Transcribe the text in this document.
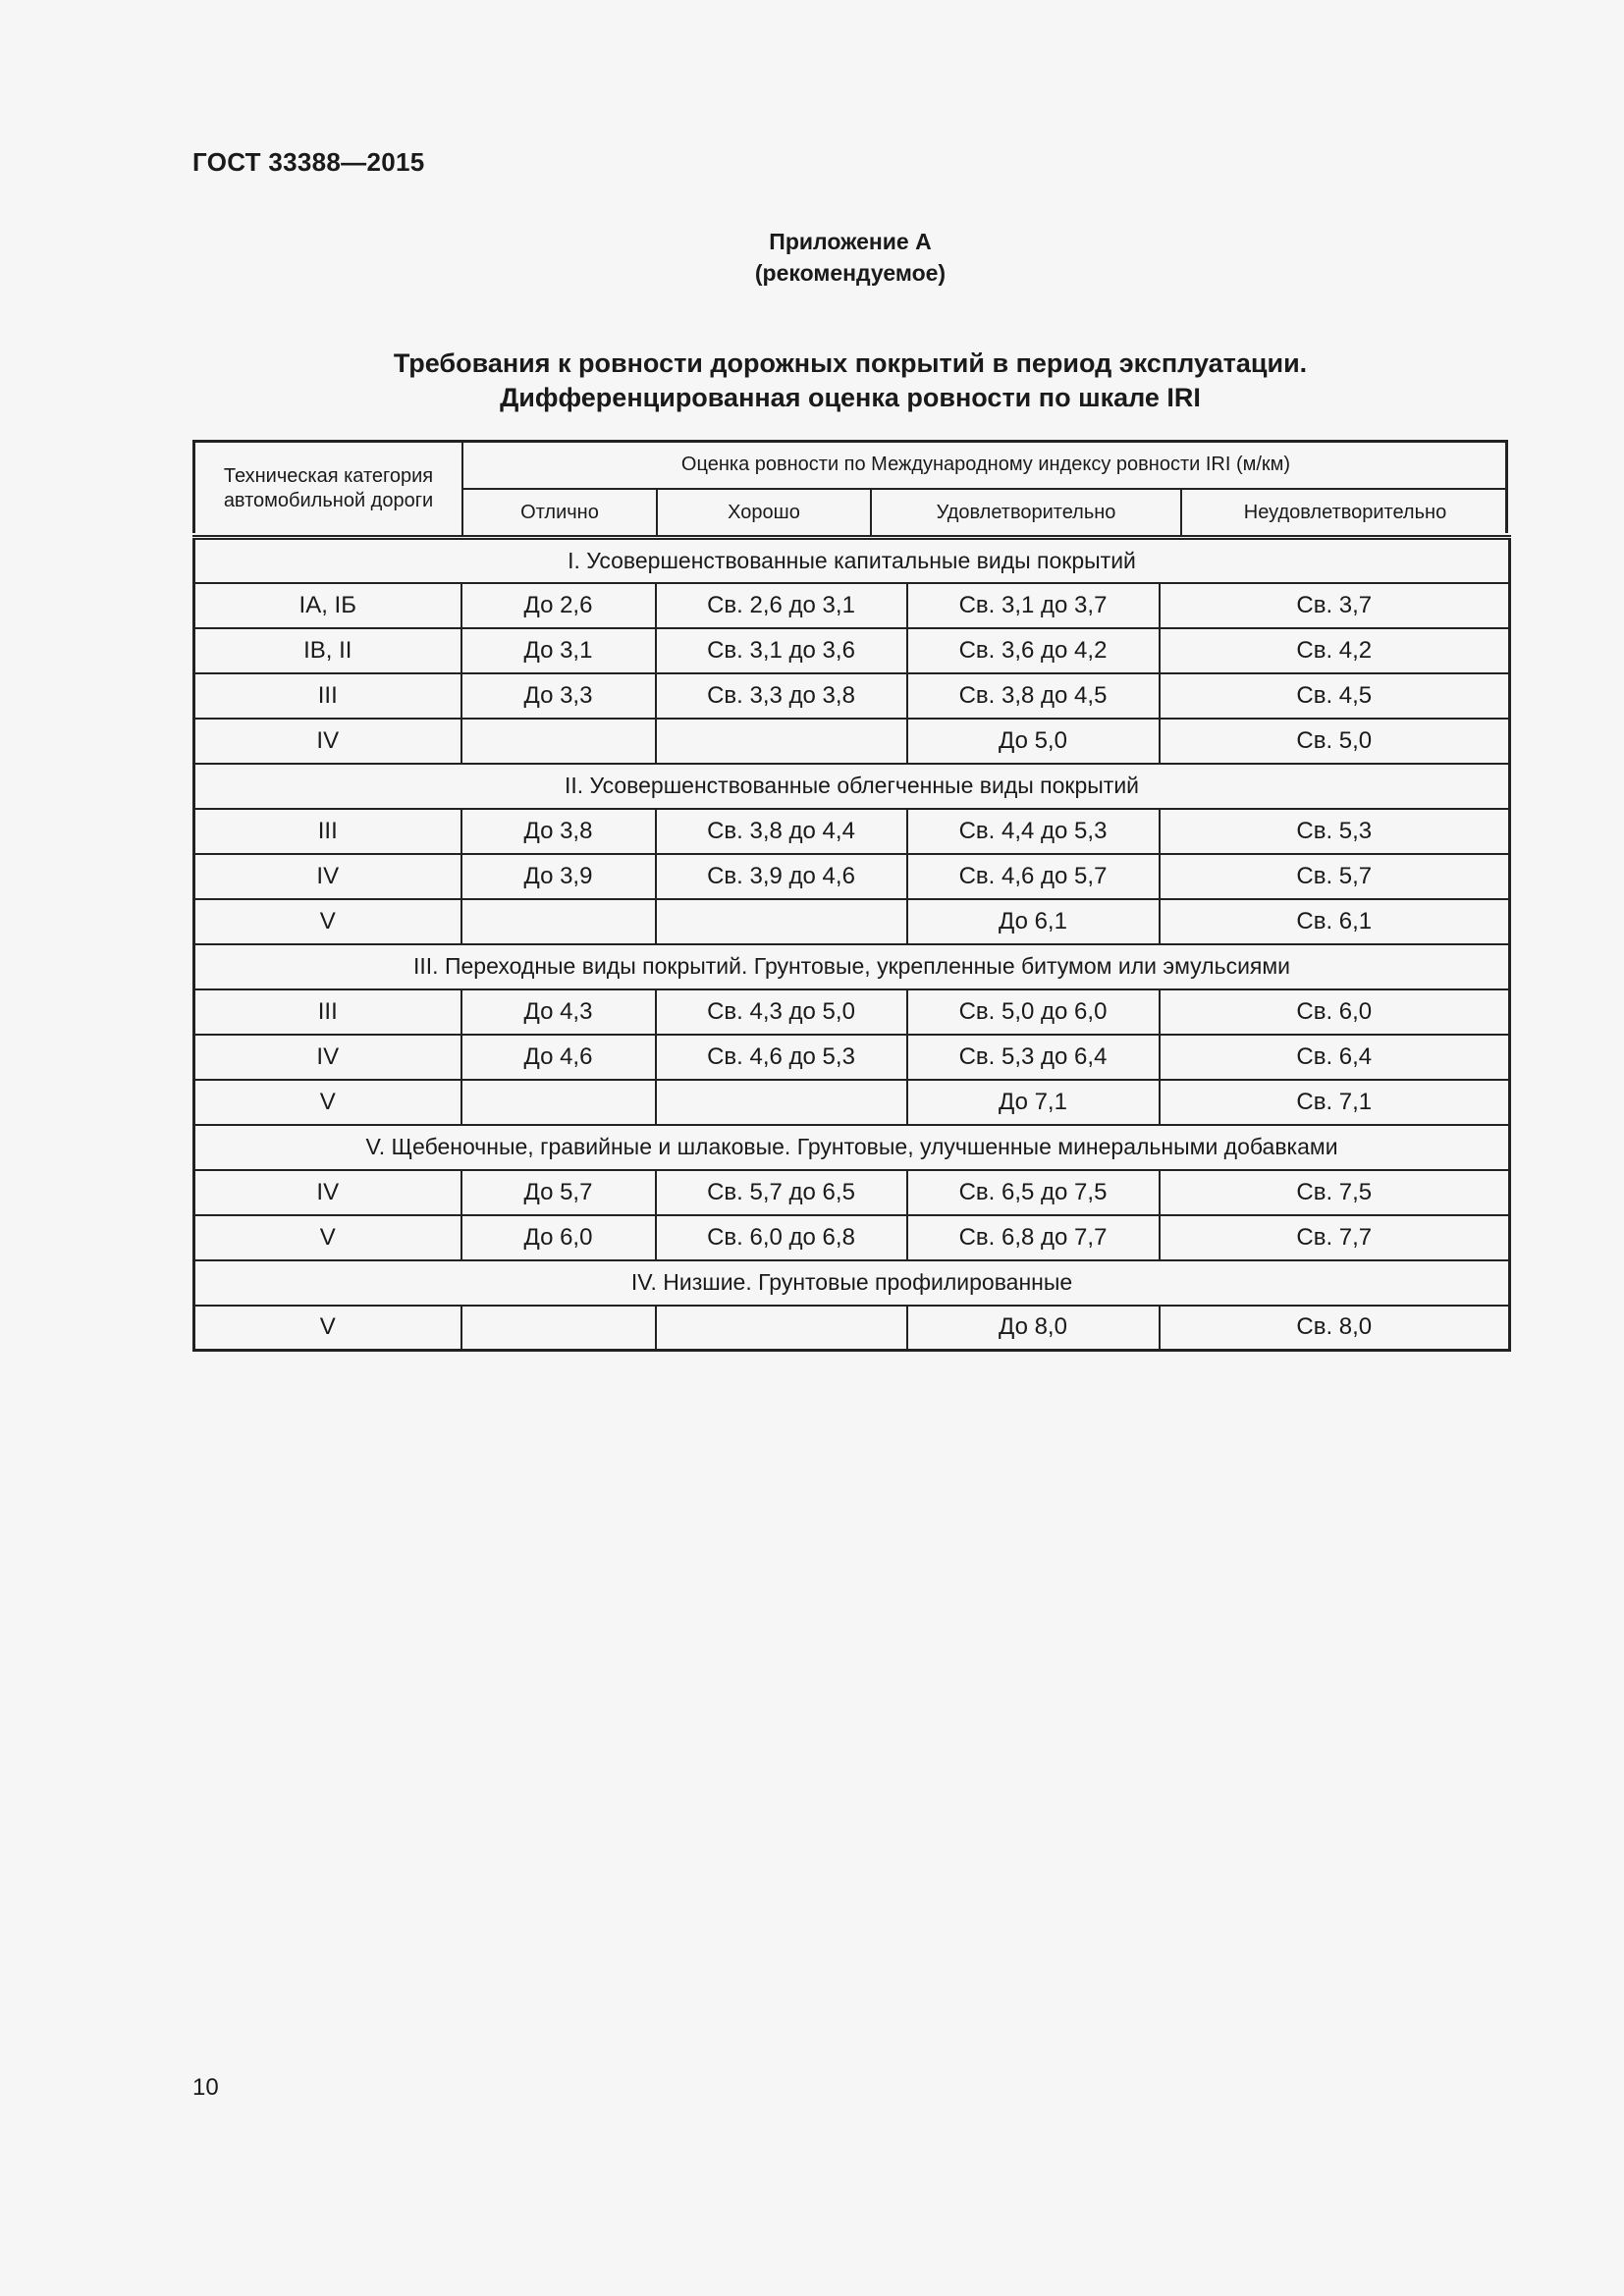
ГОСТ 33388—2015
Приложение А
(рекомендуемое)
Требования к ровности дорожных покрытий в период эксплуатации.
Дифференцированная оценка ровности по шкале IRI
Техническая категория
автомобильной дороги
Оценка ровности по Международному индексу ровности IRI (м/км)
Отлично	Хорошо	Удовлетворительно	Неудовлетворительно
I. Усовершенствованные капитальные виды покрытий				
IA, IБ	До 2,6	Св. 2,6 до 3,1	Св. 3,1 до 3,7	Св. 3,7
IB, II	До 3,1	Св. 3,1 до 3,6	Св. 3,6 до 4,2	Св. 4,2
III	До 3,3	Св. 3,3 до 3,8	Св. 3,8 до 4,5	Св. 4,5
IV			До 5,0	Св. 5,0
II. Усовершенствованные облегченные виды покрытий				
III	До 3,8	Св. 3,8 до 4,4	Св. 4,4 до 5,3	Св. 5,3
IV	До 3,9	Св. 3,9 до 4,6	Св. 4,6 до 5,7	Св. 5,7
V			До 6,1	Св. 6,1
III. Переходные виды покрытий. Грунтовые, укрепленные битумом или эмульсиями				
III	До 4,3	Св. 4,3 до 5,0	Св. 5,0 до 6,0	Св. 6,0
IV	До 4,6	Св. 4,6 до 5,3	Св. 5,3 до 6,4	Св. 6,4
V			До 7,1	Св. 7,1
V. Щебеночные, гравийные и шлаковые. Грунтовые, улучшенные минеральными добавками				
IV	До 5,7	Св. 5,7 до 6,5	Св. 6,5 до 7,5	Св. 7,5
V	До 6,0	Св. 6,0 до 6,8	Св. 6,8 до 7,7	Св. 7,7
IV. Низшие. Грунтовые профилированные				
V			До 8,0	Св. 8,0
10
